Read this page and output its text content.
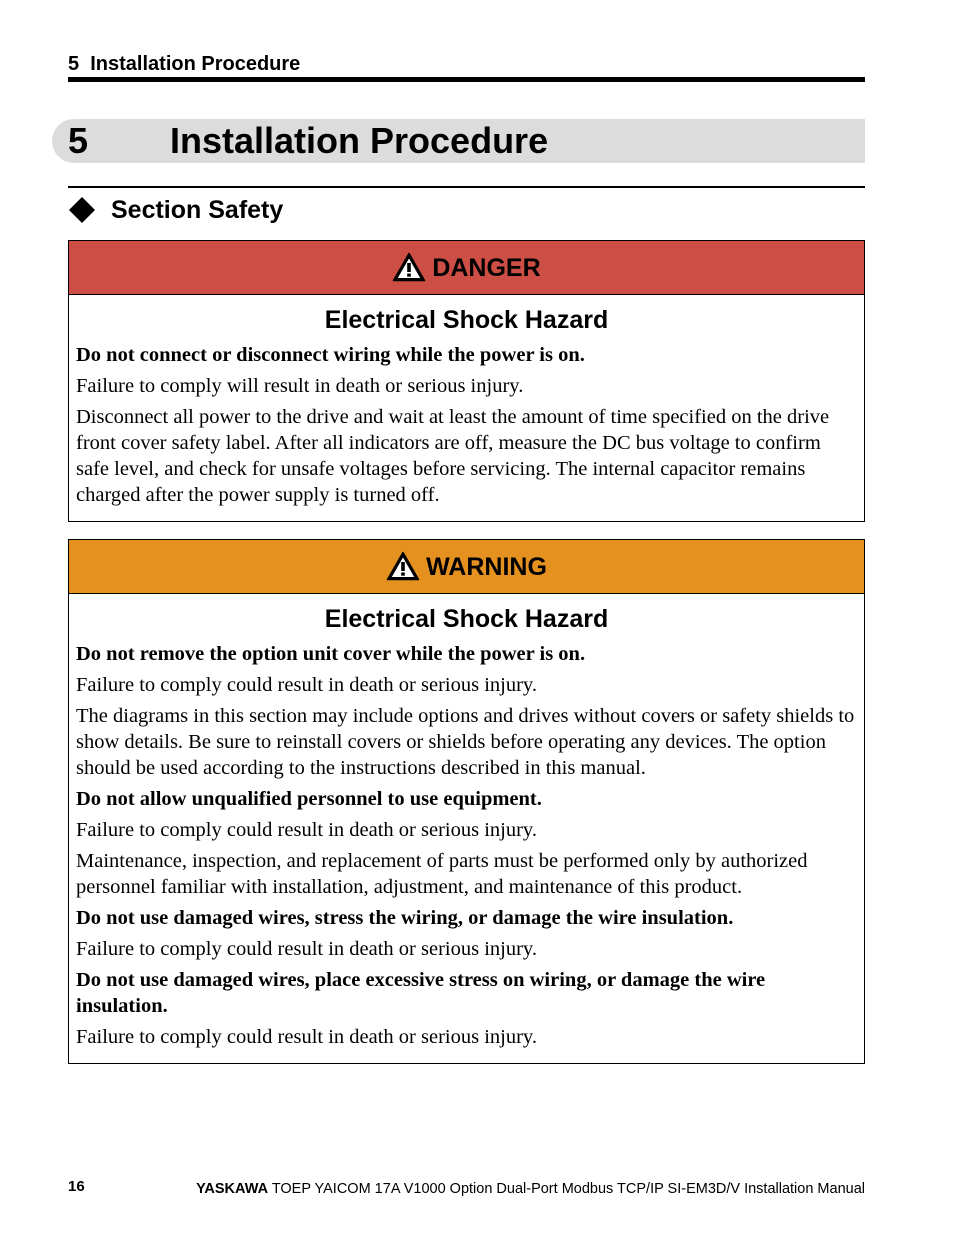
5  Installation Procedure
5 Installation Procedure
Section Safety
DANGER
Electrical Shock Hazard

Do not connect or disconnect wiring while the power is on.

Failure to comply will result in death or serious injury.

Disconnect all power to the drive and wait at least the amount of time specified on the drive front cover safety label. After all indicators are off, measure the DC bus voltage to confirm safe level, and check for unsafe voltages before servicing. The internal capacitor remains charged after the power supply is turned off.

WARNING
Electrical Shock Hazard

Do not remove the option unit cover while the power is on.

Failure to comply could result in death or serious injury.

The diagrams in this section may include options and drives without covers or safety shields to show details. Be sure to reinstall covers or shields before operating any devices. The option should be used according to the instructions described in this manual.

Do not allow unqualified personnel to use equipment.

Failure to comply could result in death or serious injury.

Maintenance, inspection, and replacement of parts must be performed only by authorized personnel familiar with installation, adjustment, and maintenance of this product.

Do not use damaged wires, stress the wiring, or damage the wire insulation.

Failure to comply could result in death or serious injury.

Do not use damaged wires, place excessive stress on wiring, or damage the wire insulation.

Failure to comply could result in death or serious injury.

16	YASKAWA TOEP YAICOM 17A V1000 Option Dual-Port Modbus TCP/IP SI-EM3D/V Installation Manual
